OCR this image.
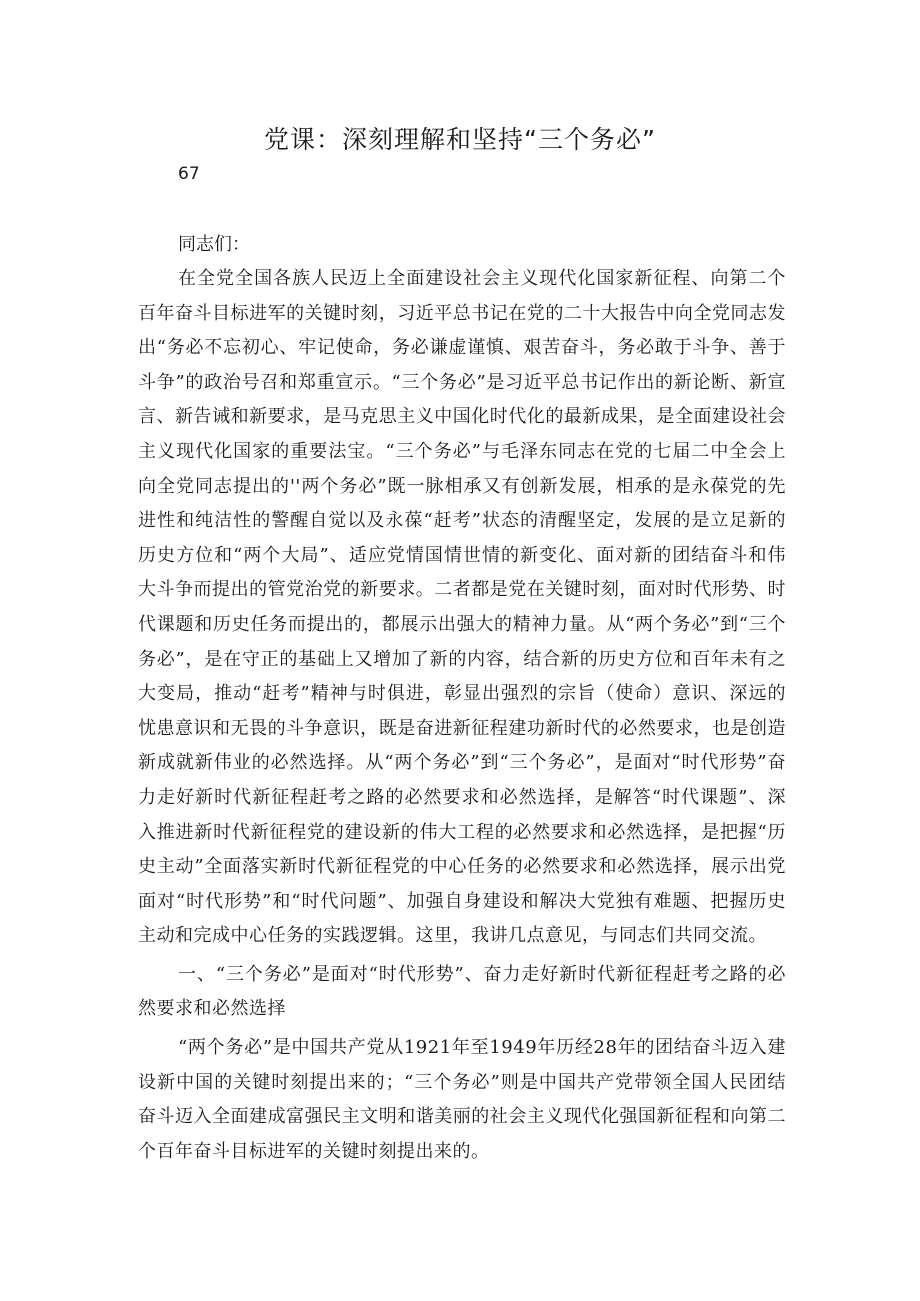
党课：深刻理解和坚持“三个务必”
67

同志们：

在全党全国各族人民迈上全面建设社会主义现代化国家新征程、向第二个百年奋斗目标进军的关键时刻，习近平总书记在党的二十大报告中向全党同志发出“务必不忘初心、牢记使命，务必谦虚谨慎、艰苦奋斗，务必敢于斗争、善于斗争”的政治号召和郑重宣示。“三个务必”是习近平总书记作出的新论断、新宣言、新告诫和新要求，是马克思主义中国化时代化的最新成果，是全面建设社会主义现代化国家的重要法宝。“三个务必”与毛泽东同志在党的七届二中全会上向全党同志提出的''两个务必”既一脉相承又有创新发展，相承的是永葆党的先进性和纯洁性的警醒自觉以及永葆“赶考”状态的清醒坚定，发展的是立足新的历史方位和“两个大局”、适应党情国情世情的新变化、面对新的团结奋斗和伟大斗争而提出的管党治党的新要求。二者都是党在关键时刻，面对时代形势、时代课题和历史任务而提出的，都展示出强大的精神力量。从“两个务必”到“三个务必”，是在守正的基础上又增加了新的内容，结合新的历史方位和百年未有之大变局，推动“赶考”精神与时俱进，彰显出强烈的宗旨（使命）意识、深远的忧患意识和无畏的斗争意识，既是奋进新征程建功新时代的必然要求，也是创造新成就新伟业的必然选择。从“两个务必”到“三个务必”，是面对“时代形势”奋力走好新时代新征程赶考之路的必然要求和必然选择，是解答“时代课题”、深入推进新时代新征程党的建设新的伟大工程的必然要求和必然选择，是把握“历史主动”全面落实新时代新征程党的中心任务的必然要求和必然选择，展示出党面对“时代形势”和“时代问题”、加强自身建设和解决大党独有难题、把握历史主动和完成中心任务的实践逻辑。这里，我讲几点意见，与同志们共同交流。

一、“三个务必”是面对“时代形势”、奋力走好新时代新征程赶考之路的必然要求和必然选择

“两个务必”是中国共产党从1921年至1949年历经28年的团结奋斗迈入建设新中国的关键时刻提出来的；“三个务必”则是中国共产党带领全国人民团结奋斗迈入全面建成富强民主文明和谐美丽的社会主义现代化强国新征程和向第二个百年奋斗目标进军的关键时刻提出来的。
